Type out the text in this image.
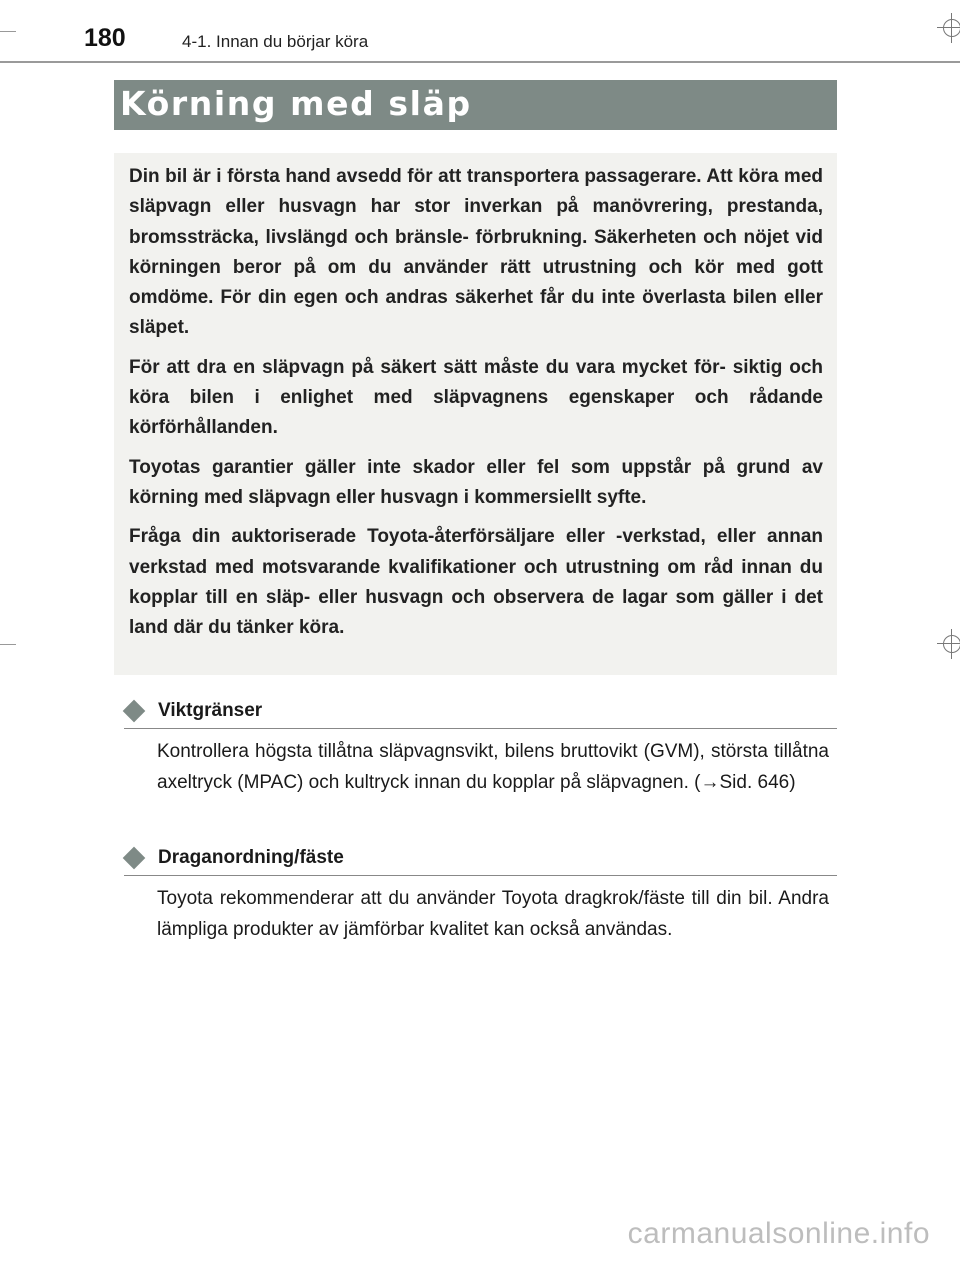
180	4-1. Innan du börjar köra
Körning med släp

Din bil är i första hand avsedd för att transportera passagerare. Att köra med släpvagn eller husvagn har stor inverkan på manövrering, prestanda, bromssträcka, livslängd och bränsle- förbrukning. Säkerheten och nöjet vid körningen beror på om du använder rätt utrustning och kör med gott omdöme. För din egen och andras säkerhet får du inte överlasta bilen eller släpet.

För att dra en släpvagn på säkert sätt måste du vara mycket för- siktig och köra bilen i enlighet med släpvagnens egenskaper och rådande körförhållanden.

Toyotas garantier gäller inte skador eller fel som uppstår på grund av körning med släpvagn eller husvagn i kommersiellt syfte.

Fråga din auktoriserade Toyota-återförsäljare eller -verkstad, eller annan verkstad med motsvarande kvalifikationer och utrustning om råd innan du kopplar till en släp- eller husvagn och observera de lagar som gäller i det land där du tänker köra.

Viktgränser

Kontrollera högsta tillåtna släpvagnsvikt, bilens bruttovikt (GVM), största tillåtna axeltryck (MPAC) och kultryck innan du kopplar på släpvagnen. (→Sid. 646)

Draganordning/fäste

Toyota rekommenderar att du använder Toyota dragkrok/fäste till din bil. Andra lämpliga produkter av jämförbar kvalitet kan också användas.

carmanualsonline.info
